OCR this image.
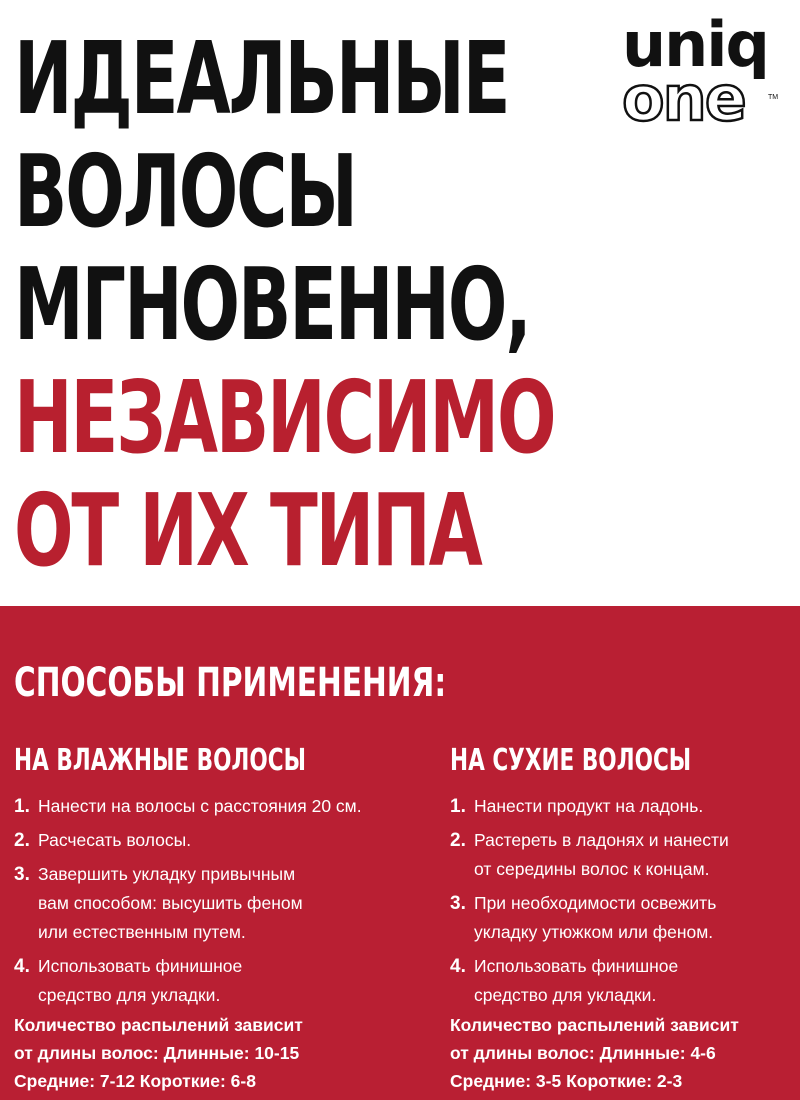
ИДЕАЛЬНЫЕ
ВОЛОСЫ
МГНОВЕННО,
НЕЗАВИСИМО
ОТ ИХ ТИПА
uniq
one	TM
СПОСОБЫ ПРИМЕНЕНИЯ:
НА ВЛАЖНЫЕ ВОЛОСЫ
1. Нанести на волосы с расстояния 20 см.
2. Расчесать волосы.
3. Завершить укладку привычным
вам способом: высушить феном
или естественным путем.
4. Использовать финишное
средство для укладки.
Количество распылений зависит
от длины волос: Длинные: 10-15
Средние: 7-12 Короткие: 6-8
НА СУХИЕ ВОЛОСЫ
1. Нанести продукт на ладонь.
2. Растереть в ладонях и нанести
от середины волос к концам.
3. При необходимости освежить
укладку утюжком или феном.
4. Использовать финишное
средство для укладки.
Количество распылений зависит
от длины волос: Длинные: 4-6
Средние: 3-5 Короткие: 2-3
